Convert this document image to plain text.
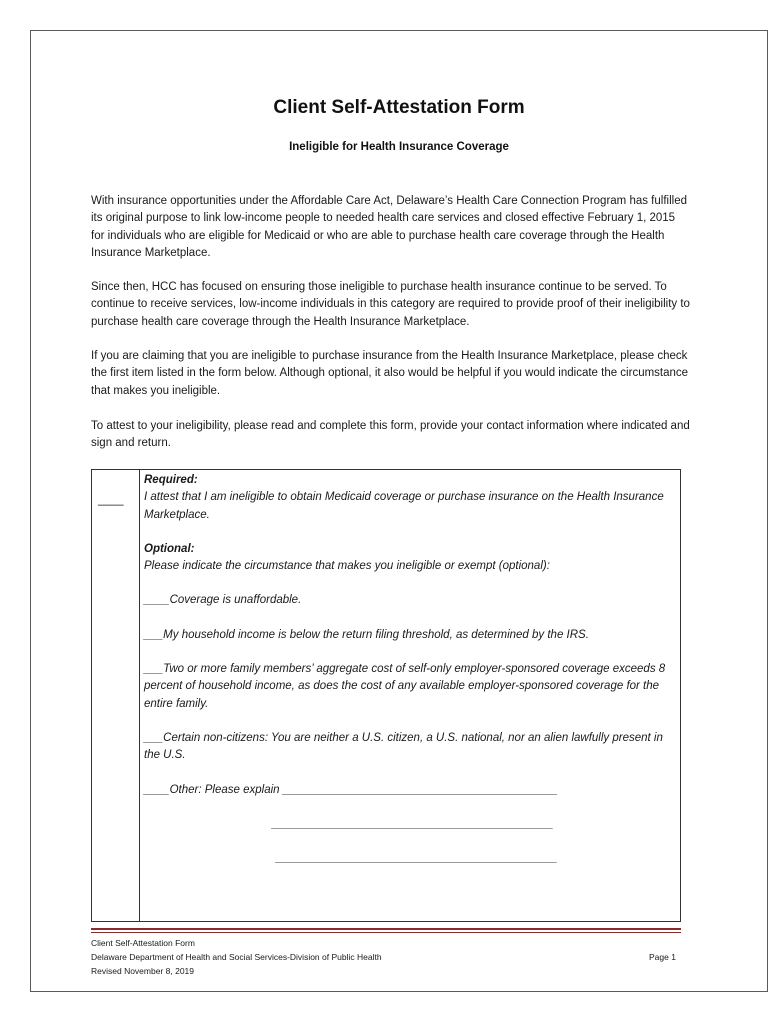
Client Self-Attestation Form
Ineligible for Health Insurance Coverage
With insurance opportunities under the Affordable Care Act, Delaware’s Health Care Connection Program has fulfilled its original purpose to link low-income people to needed health care services and closed effective February 1, 2015 for individuals who are eligible for Medicaid or who are able to purchase health care coverage through the Health Insurance Marketplace.
Since then, HCC has focused on ensuring those ineligible to purchase health insurance continue to be served. To continue to receive services, low-income individuals in this category are required to provide proof of their ineligibility to purchase health care coverage through the Health Insurance Marketplace.
If you are claiming that you are ineligible to purchase insurance from the Health Insurance Marketplace, please check the first item listed in the form below. Although optional, it also would be helpful if you would indicate the circumstance that makes you ineligible.
To attest to your ineligibility, please read and complete this form, provide your contact information where indicated and sign and return.
____
Required:
I attest that I am ineligible to obtain Medicaid coverage or purchase insurance on the Health Insurance Marketplace.
Optional:
Please indicate the circumstance that makes you ineligible or exempt (optional):
____Coverage is unaffordable.
___My household income is below the return filing threshold, as determined by the IRS.
___Two or more family members’ aggregate cost of self-only employer-sponsored coverage exceeds 8 percent of household income, as does the cost of any available employer-sponsored coverage for the entire family.
___Certain non-citizens: You are neither a U.S. citizen, a U.S. national, nor an alien lawfully present in the U.S.
____Other: Please explain ___________________________________________
____________________________________________
____________________________________________
Client Self-Attestation Form
Delaware Department of Health and Social Services-Division of Public Health
Revised November 8, 2019
Page 1
